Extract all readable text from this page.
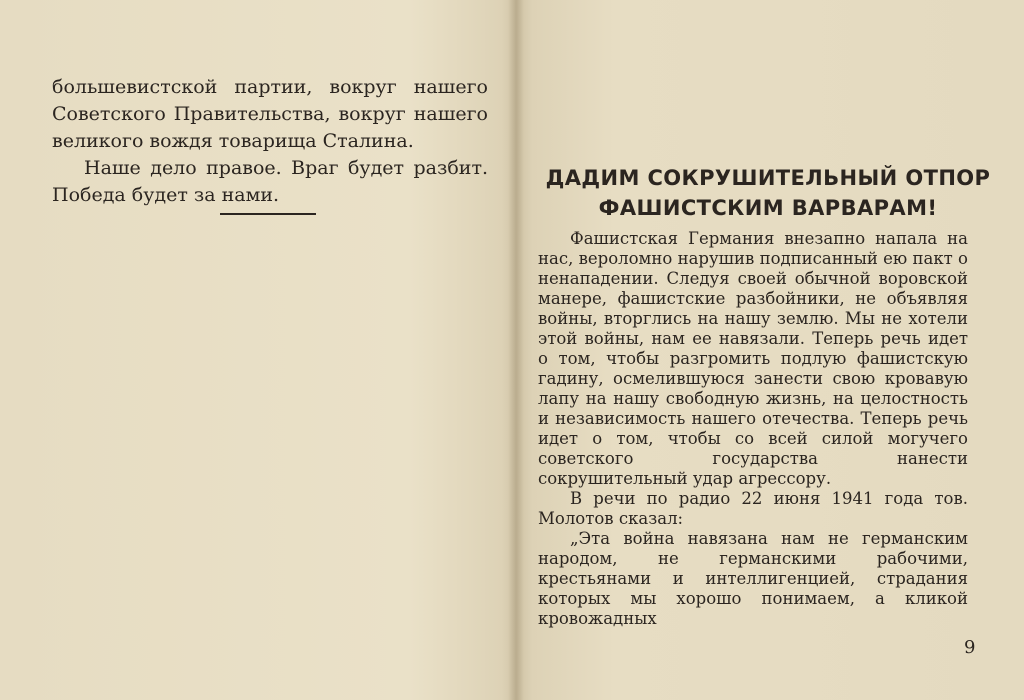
большевистской партии, вокруг нашего Советского Правительства, вокруг нашего великого вождя товарища Сталина.

Наше дело правое. Враг будет разбит. Победа будет за нами.

ДАДИМ СОКРУШИТЕЛЬНЫЙ ОТПОР
ФАШИСТСКИМ ВАРВАРАМ!

Фашистская Германия внезапно напала на нас, вероломно нарушив подписанный ею пакт о ненападении. Следуя своей обычной воровской манере, фашистские разбойники, не объявляя войны, вторглись на нашу землю. Мы не хотели этой войны, нам ее навязали. Теперь речь идет о том, чтобы разгромить подлую фашистскую гадину, осмелившуюся занести свою кровавую лапу на нашу свободную жизнь, на целостность и независимость нашего отечества. Теперь речь идет о том, чтобы со всей силой могучего советского государства нанести сокрушительный удар агрессору.

В речи по радио 22 июня 1941 года тов. Молотов сказал:

„Эта война навязана нам не германским народом, не германскими рабочими, крестьянами и интеллигенцией, страдания которых мы хорошо понимаем, а кликой кровожадных

9
